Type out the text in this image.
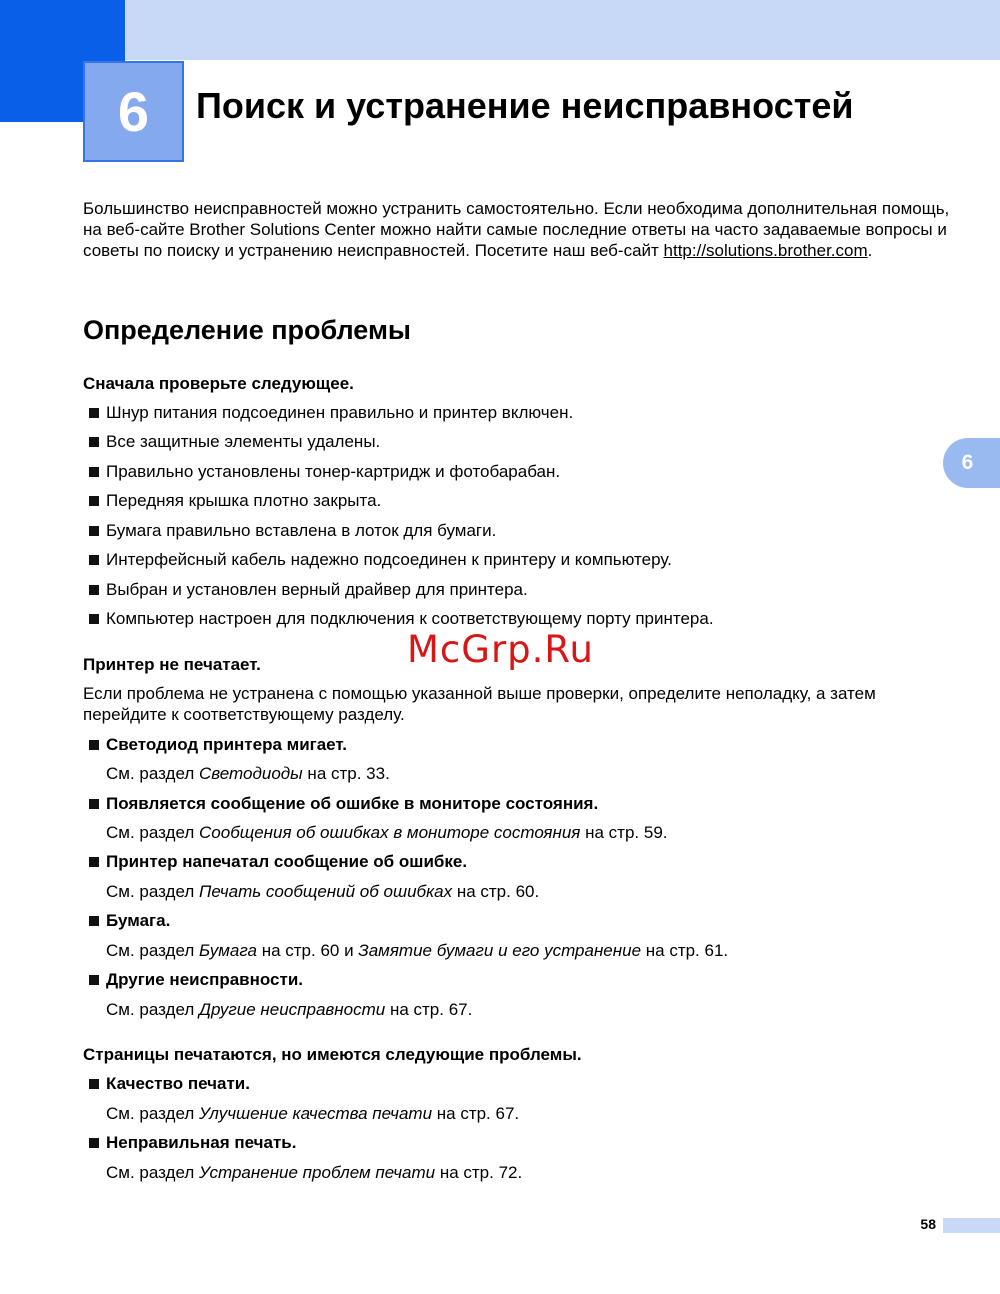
6	Поиск и устранение неисправностей
6

Большинство неисправностей можно устранить самостоятельно. Если необходима дополнительная помощь, на веб-сайте Brother Solutions Center можно найти самые последние ответы на часто задаваемые вопросы и советы по поиску и устранению неисправностей. Посетите наш веб-сайт http://solutions.brother.com.

Определение проблемы

Сначала проверьте следующее.

Шнур питания подсоединен правильно и принтер включен.

Все защитные элементы удалены.

Правильно установлены тонер-картридж и фотобарабан.

Передняя крышка плотно закрыта.

Бумага правильно вставлена в лоток для бумаги.

Интерфейсный кабель надежно подсоединен к принтеру и компьютеру.

Выбран и установлен верный драйвер для принтера.

Компьютер настроен для подключения к соответствующему порту принтера.

McGrp.Ru

Принтер не печатает.

Если проблема не устранена с помощью указанной выше проверки, определите неполадку, а затем перейдите к соответствующему разделу.

Светодиод принтера мигает.

См. раздел Светодиоды на стр. 33.

Появляется сообщение об ошибке в мониторе состояния.

См. раздел Сообщения об ошибках в мониторе состояния на стр. 59.

Принтер напечатал сообщение об ошибке.

См. раздел Печать сообщений об ошибках на стр. 60.

Бумага.

См. раздел Бумага на стр. 60 и Замятие бумаги и его устранение на стр. 61.

Другие неисправности.

См. раздел Другие неисправности на стр. 67.

Страницы печатаются, но имеются следующие проблемы.

Качество печати.

См. раздел Улучшение качества печати на стр. 67.

Неправильная печать.

См. раздел Устранение проблем печати на стр. 72.

58
